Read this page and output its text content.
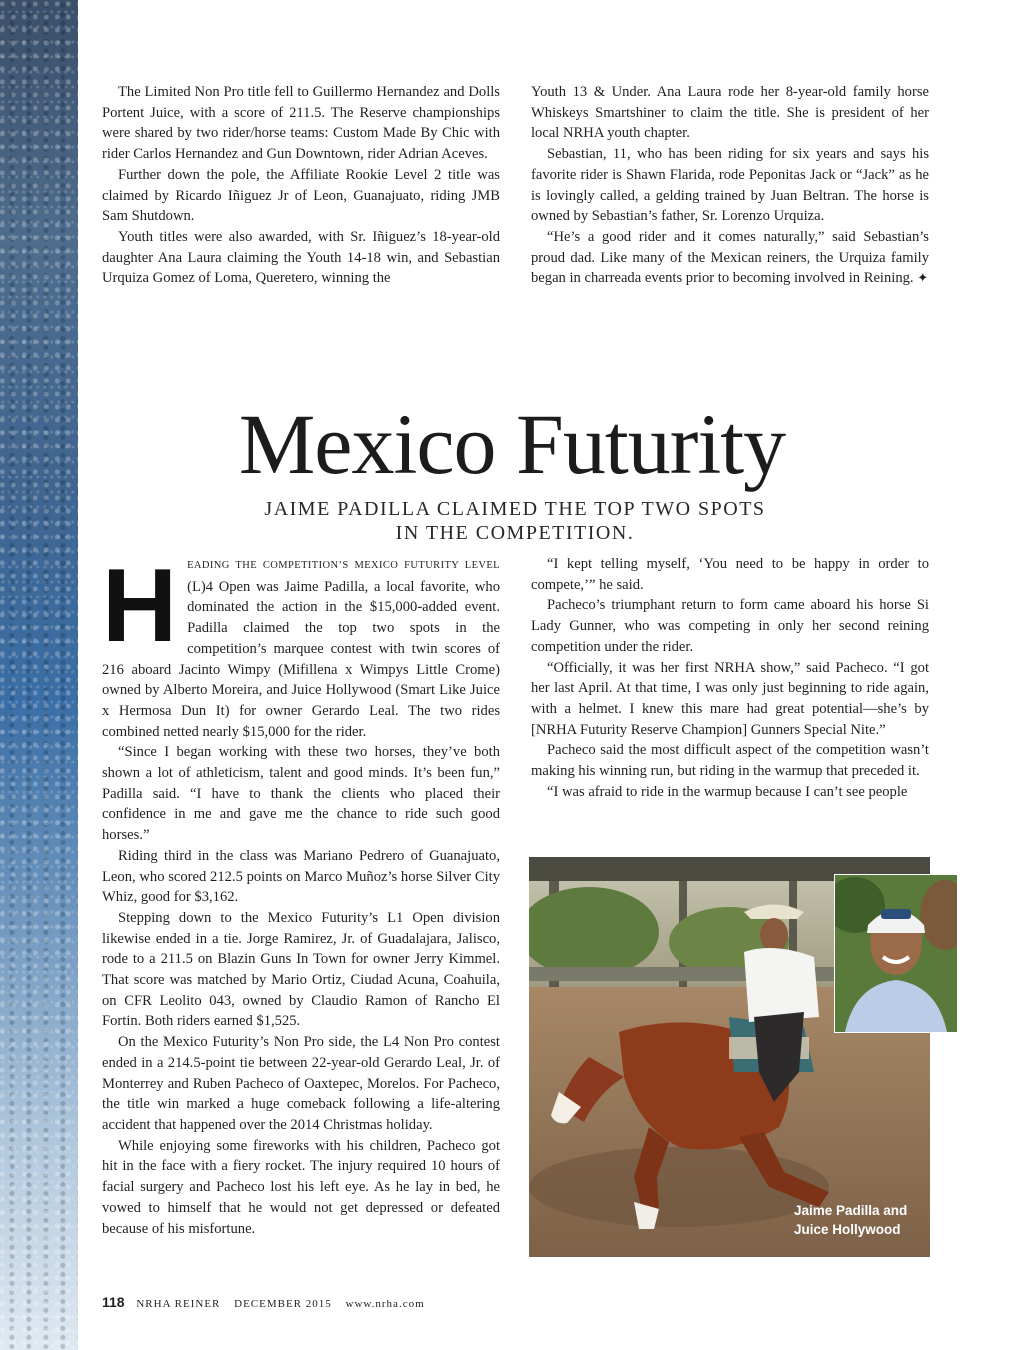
The Limited Non Pro title fell to Guillermo Hernandez and Dolls Portent Juice, with a score of 211.5. The Reserve championships were shared by two rider/horse teams: Custom Made By Chic with rider Carlos Hernandez and Gun Downtown, rider Adrian Aceves.

Further down the pole, the Affiliate Rookie Level 2 title was claimed by Ricardo Iñiguez Jr of Leon, Guanajuato, riding JMB Sam Shutdown.

Youth titles were also awarded, with Sr. Iñiguez’s 18-year-old daughter Ana Laura claiming the Youth 14-18 win, and Sebastian Urquiza Gomez of Loma, Queretero, winning the

Youth 13 & Under. Ana Laura rode her 8-year-old family horse Whiskeys Smartshiner to claim the title. She is president of her local NRHA youth chapter.

Sebastian, 11, who has been riding for six years and says his favorite rider is Shawn Flarida, rode Peponitas Jack or “Jack” as he is lovingly called, a gelding trained by Juan Beltran. The horse is owned by Sebastian’s father, Sr. Lorenzo Urquiza.

“He’s a good rider and it comes naturally,” said Sebastian’s proud dad. Like many of the Mexican reiners, the Urquiza family began in charreada events prior to becoming involved in Reining. ✦

Mexico Futurity
JAIME PADILLA CLAIMED THE TOP TWO SPOTS
IN THE COMPETITION.

HEADING THE COMPETITION’S MEXICO FUTURITY LEVEL (L)4 Open was Jaime Padilla, a local favorite, who dominated the action in the $15,000-added event. Padilla claimed the top two spots in the competition’s marquee contest with twin scores of 216 aboard Jacinto Wimpy (Mifillena x Wimpys Little Crome) owned by Alberto Moreira, and Juice Hollywood (Smart Like Juice x Hermosa Dun It) for owner Gerardo Leal. The two rides combined netted nearly $15,000 for the rider.

“Since I began working with these two horses, they’ve both shown a lot of athleticism, talent and good minds. It’s been fun,” Padilla said. “I have to thank the clients who placed their confidence in me and gave me the chance to ride such good horses.”

Riding third in the class was Mariano Pedrero of Guanajuato, Leon, who scored 212.5 points on Marco Muñoz’s horse Silver City Whiz, good for $3,162.

Stepping down to the Mexico Futurity’s L1 Open division likewise ended in a tie. Jorge Ramirez, Jr. of Guadalajara, Jalisco, rode to a 211.5 on Blazin Guns In Town for owner Jerry Kimmel. That score was matched by Mario Ortiz, Ciudad Acuna, Coahuila, on CFR Leolito 043, owned by Claudio Ramon of Rancho El Fortin. Both riders earned $1,525.

On the Mexico Futurity’s Non Pro side, the L4 Non Pro contest ended in a 214.5-point tie between 22-year-old Gerardo Leal, Jr. of Monterrey and Ruben Pacheco of Oaxtepec, Morelos. For Pacheco, the title win marked a huge comeback following a life-altering accident that happened over the 2014 Christmas holiday.

While enjoying some fireworks with his children, Pacheco got hit in the face with a fiery rocket. The injury required 10 hours of facial surgery and Pacheco lost his left eye. As he lay in bed, he vowed to himself that he would not get depressed or defeated because of his misfortune.

“I kept telling myself, ‘You need to be happy in order to compete,’” he said.

Pacheco’s triumphant return to form came aboard his horse Si Lady Gunner, who was competing in only her second reining competition under the rider.

“Officially, it was her first NRHA show,” said Pacheco. “I got her last April. At that time, I was only just beginning to ride again, with a helmet. I knew this mare had great potential—she’s by [NRHA Futurity Reserve Champion] Gunners Special Nite.”

Pacheco said the most difficult aspect of the competition wasn’t making his winning run, but riding in the warmup that preceded it.

“I was afraid to ride in the warmup because I can’t see people

Jaime Padilla and
Juice Hollywood
118 NRHA REINER DECEMBER 2015 www.nrha.com
